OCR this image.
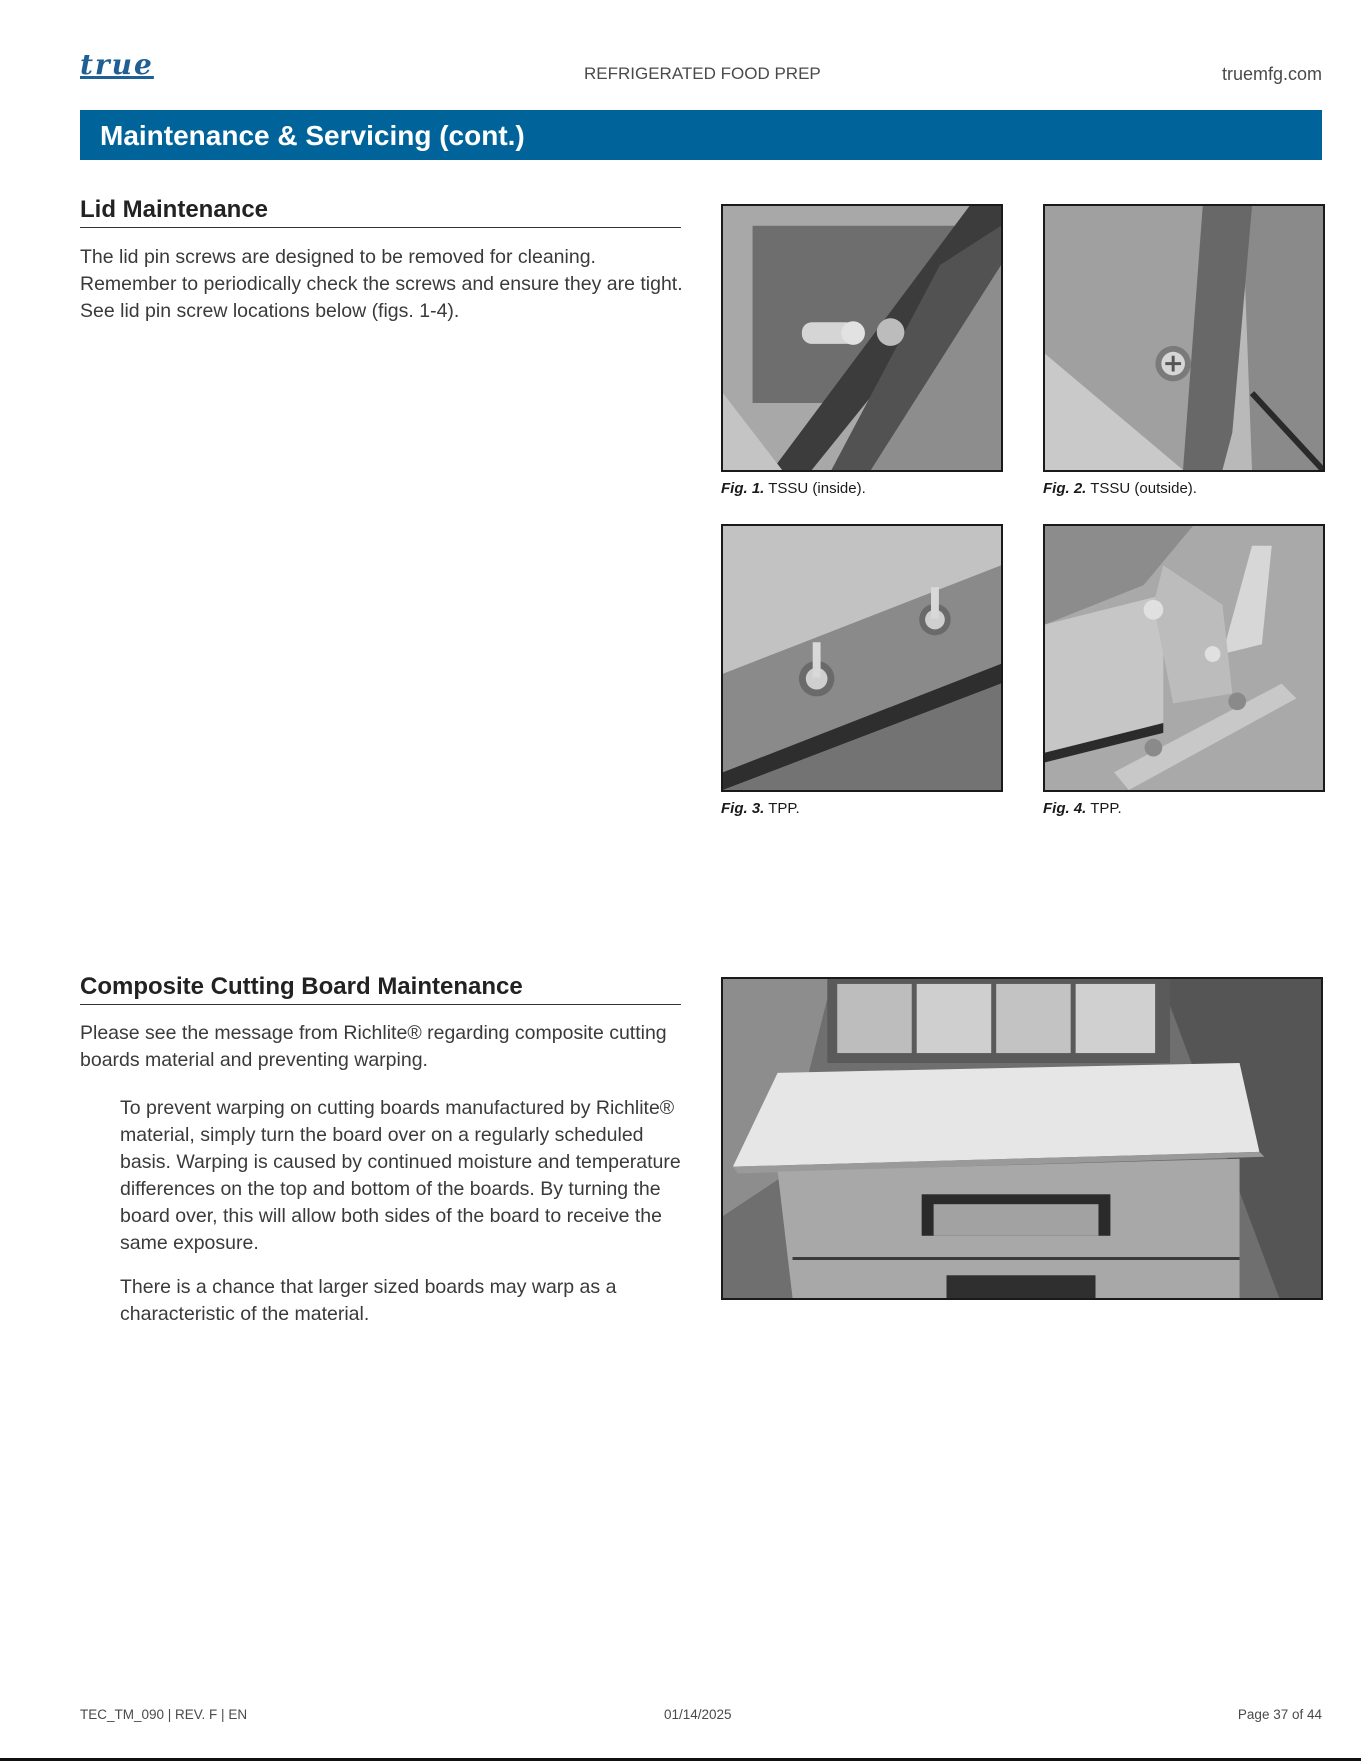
true	REFRIGERATED FOOD PREP	truemfg.com
Maintenance & Servicing (cont.)
Lid Maintenance
The lid pin screws are designed to be removed for cleaning. Remember to periodically check the screws and ensure they are tight. See lid pin screw locations below (figs. 1-4).
Fig. 1. TSSU (inside).	Fig. 2. TSSU (outside).
Fig. 3. TPP.	Fig. 4. TPP.
Composite Cutting Board Maintenance
Please see the message from Richlite® regarding composite cutting boards material and preventing warping.
To prevent warping on cutting boards manufactured by Richlite® material, simply turn the board over on a regularly scheduled basis. Warping is caused by continued moisture and temperature differences on the top and bottom of the boards. By turning the board over, this will allow both sides of the board to receive the same exposure.
There is a chance that larger sized boards may warp as a characteristic of the material.
TEC_TM_090 | REV. F | EN	01/14/2025	Page 37 of 44
